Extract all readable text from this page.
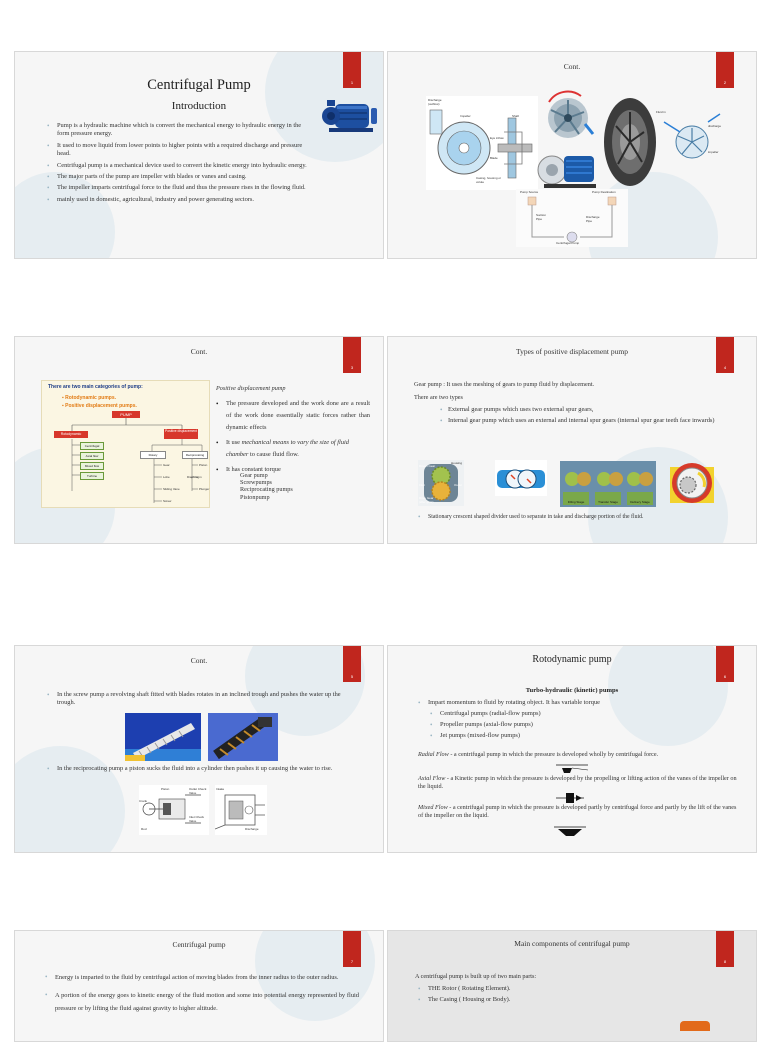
1
Centrifugal Pump
Introduction
• Pump is a hydraulic machine which is convert the mechanical energy to hydraulic energy in the form pressure energy.
• It used to move liquid from lower points to higher points with a required discharge and pressure head.
• Centrifugal pump is a mechanical device used to convert the kinetic energy into hydraulic energy.
• The major parts of the pump are impeller with blades or vanes and casing.
• The impeller imparts centrifugal force to the fluid and thus the pressure rises in the flowing fluid.
• mainly used in domestic, agricultural, industry and power generating sectors.
2
Cont.
Discharge (outflow)
Impeller	Shaft
Eye inflow
Blade
Casing, housing or volute
Fluid in
discharge
impeller
Pump Source	Pump Destination
Suction Pipe	Discharge Pipe
Centrifugal Pump
3
Cont.
There are two main categories of pump:
▪ Rotodynamic pumps.
▪ Positive displacement pumps.
PUMP
Rotodynamic
Positive displacement
Centrifugal
Axial flow
Mixed flow
Turbine
Rotary	Reciprocating
Gear
Lobe
Sliding Vane
Screw
Piston
Diaphragm
Plunger
Positive displacement pump
• The pressure developed and the work done are a result of the work done essentially static forces rather than dynamic effects
• It use mechanical means to vary the size of fluid chamber to cause fluid flow.
• It has constant torque
Gear pump
Screwpumps
Reciprocating pumps
Pistonpump
4
Types of positive displacement pump
Gear pump : It uses the meshing of gears to pump fluid by displacement.
There are two types
• External gear pumps which uses two external spur gears,
• Internal gear pump which uses an external and internal spur gears (internal spur gear teeth face inwards)
Driven Gear
Housing
Inlet	Outlet
Drive Gear (idler gear)	Filling Stage	Transfer Stage	Delivery Stage
• Stationary crescent shaped divider used to separate in take and discharge portion of the fluid.
5
Cont.
• In the screw pump a revolving shaft fitted with blades rotates in an inclined trough and pushes the water up the trough.
• In the reciprocating pump a piston sucks the fluid into a cylinder then pushes it up causing the water to rise.
Piston	Outlet Check Valve
Inlet Check Valve
Crank
Rod
Intake
Discharge
6
Rotodynamic pump
Turbo-hydraulic (kinetic) pumps
• Impart momentum to fluid by rotating object. It has variable torque
• Centrifugal pumps (radial-flow pumps)
• Propeller pumps (axial-flow pumps)
• Jet pumps (mixed-flow pumps)
Radial Flow - a centrifugal pump in which the pressure is developed wholly by centrifugal force.
Axial Flow - a Kinetic pump in which the pressure is developed by the propelling or lifting action of the vanes of the impeller on the liquid.
Mixed Flow - a centrifugal pump in which the pressure is developed partly by centrifugal force and partly by the lift of the vanes of the impeller on the liquid.
7
Centrifugal pump
• Energy is imparted to the fluid by centrifugal action of moving blades from the inner radius to the outer radius.
• A portion of the energy goes to kinetic energy of the fluid motion and some into potential energy represented by fluid pressure or by lifting the fluid against gravity to higher altitude.
8
Main components of centrifugal pump
A centrifugal pump is built up of two main parts:
• THE Rotor ( Rotating Element).
• The Casing ( Housing or Body).
